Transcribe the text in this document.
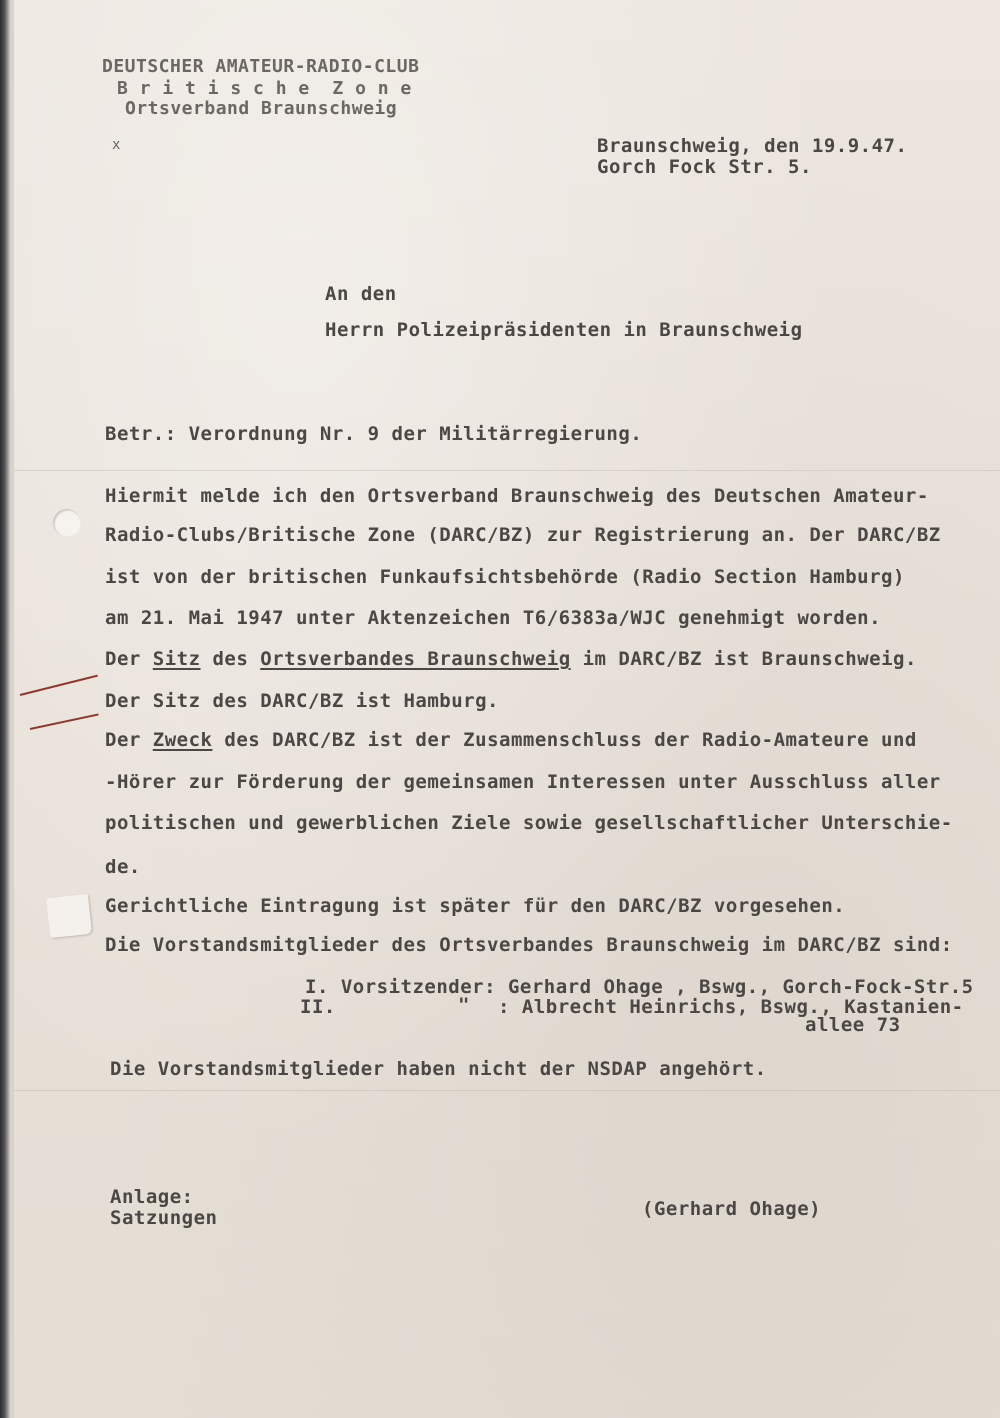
DEUTSCHER AMATEUR-RADIO-CLUB
B r i t i s c h e  Z o n e
Ortsverband Braunschweig
x	Braunschweig, den 19.9.47.
Gorch Fock Str. 5.
An den
Herrn Polizeipräsidenten in Braunschweig
Betr.: Verordnung Nr. 9 der Militärregierung.
Hiermit melde ich den Ortsverband Braunschweig des Deutschen Amateur-
Radio-Clubs/Britische Zone (DARC/BZ) zur Registrierung an. Der DARC/BZ
ist von der britischen Funkaufsichtsbehörde (Radio Section Hamburg)
am 21. Mai 1947 unter Aktenzeichen T6/6383a/WJC genehmigt worden.
Der Sitz des Ortsverbandes Braunschweig im DARC/BZ ist Braunschweig.
Der Sitz des DARC/BZ ist Hamburg.
Der Zweck des DARC/BZ ist der Zusammenschluss der Radio-Amateure und
-Hörer zur Förderung der gemeinsamen Interessen unter Ausschluss aller
politischen und gewerblichen Ziele sowie gesellschaftlicher Unterschie-
de.
Gerichtliche Eintragung ist später für den DARC/BZ vorgesehen.
Die Vorstandsmitglieder des Ortsverbandes Braunschweig im DARC/BZ sind:
I. Vorsitzender: Gerhard Ohage , Bswg., Gorch-Fock-Str.5
II.	" : Albrecht Heinrichs, Bswg., Kastanien-
allee 73
Die Vorstandsmitglieder haben nicht der NSDAP angehört.
Anlage:
Satzungen	(Gerhard Ohage)
